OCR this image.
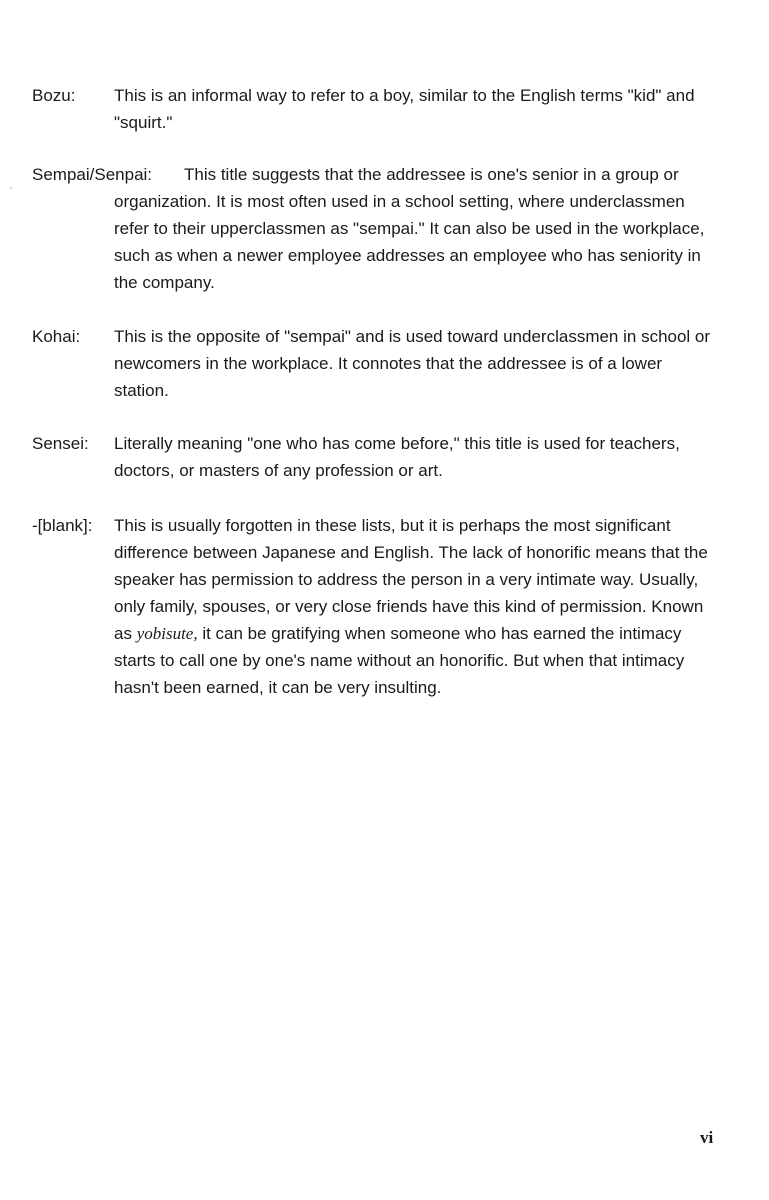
Bozu: This is an informal way to refer to a boy, similar to the English terms "kid" and "squirt."
Sempai/Senpai:	This title suggests that the addressee is one's senior in a group or organization. It is most often used in a school setting, where underclassmen refer to their upperclassmen as "sempai." It can also be used in the workplace, such as when a newer employee addresses an employee who has seniority in the company.
Kohai: This is the opposite of "sempai" and is used toward underclassmen in school or newcomers in the workplace. It connotes that the addressee is of a lower station.
Sensei: Literally meaning "one who has come before," this title is used for teachers, doctors, or masters of any profession or art.
-[blank]: This is usually forgotten in these lists, but it is perhaps the most significant difference between Japanese and English. The lack of honorific means that the speaker has permission to address the person in a very intimate way. Usually, only family, spouses, or very close friends have this kind of permission. Known as yobisute, it can be gratifying when someone who has earned the intimacy starts to call one by one's name without an honorific. But when that intimacy hasn't been earned, it can be very insulting.
vi
